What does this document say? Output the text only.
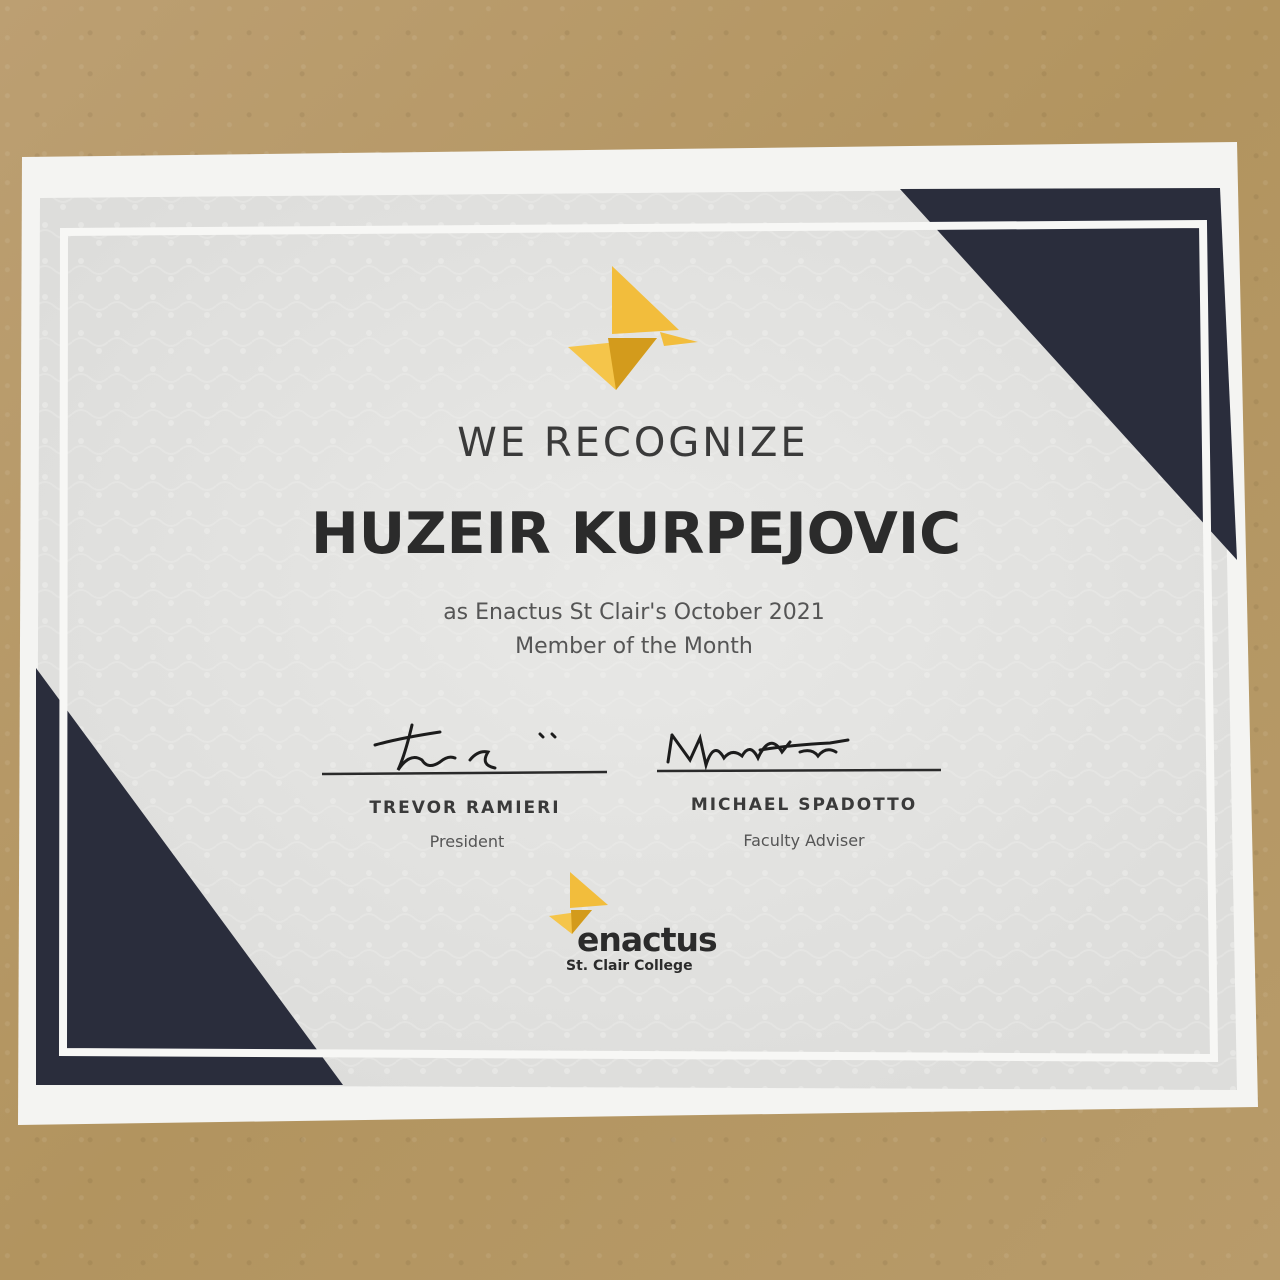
WE RECOGNIZE
HUZEIR KURPEJOVIC
as Enactus St Clair's October 2021
Member of the Month
TREVOR RAMIERI
President
MICHAEL SPADOTTO
Faculty Adviser
enactus
St. Clair College
